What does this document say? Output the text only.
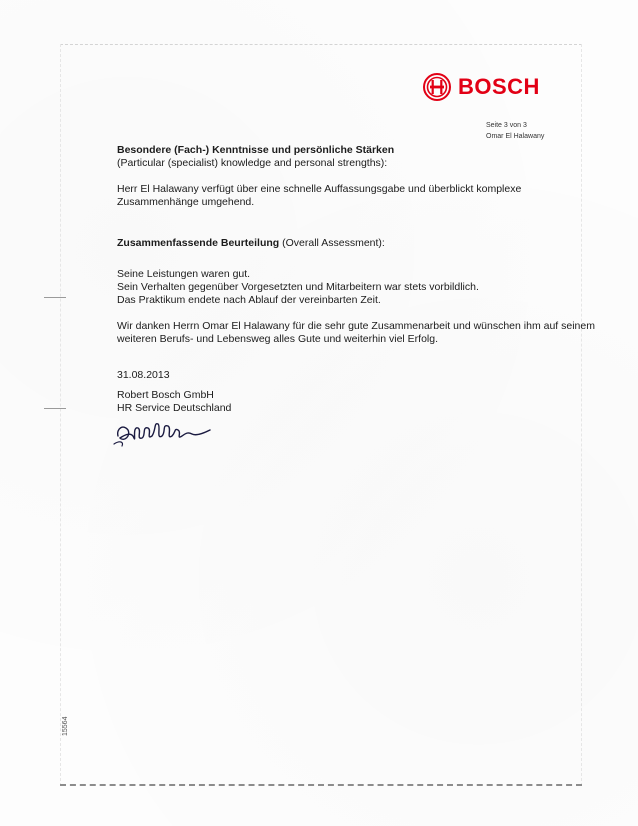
BOSCH
Seite 3 von 3
Omar El Halawany
Besondere (Fach-) Kenntnisse und persönliche Stärken
(Particular (specialist) knowledge and personal strengths):
Herr El Halawany verfügt über eine schnelle Auffassungsgabe und überblickt komplexe
Zusammenhänge umgehend.
Zusammenfassende Beurteilung (Overall Assessment):
Seine Leistungen waren gut.
Sein Verhalten gegenüber Vorgesetzten und Mitarbeitern war stets vorbildlich.
Das Praktikum endete nach Ablauf der vereinbarten Zeit.
Wir danken Herrn Omar El Halawany für die sehr gute Zusammenarbeit und wünschen ihm auf seinem
weiteren Berufs- und Lebensweg alles Gute und weiterhin viel Erfolg.
31.08.2013
Robert Bosch GmbH
HR Service Deutschland
15564
